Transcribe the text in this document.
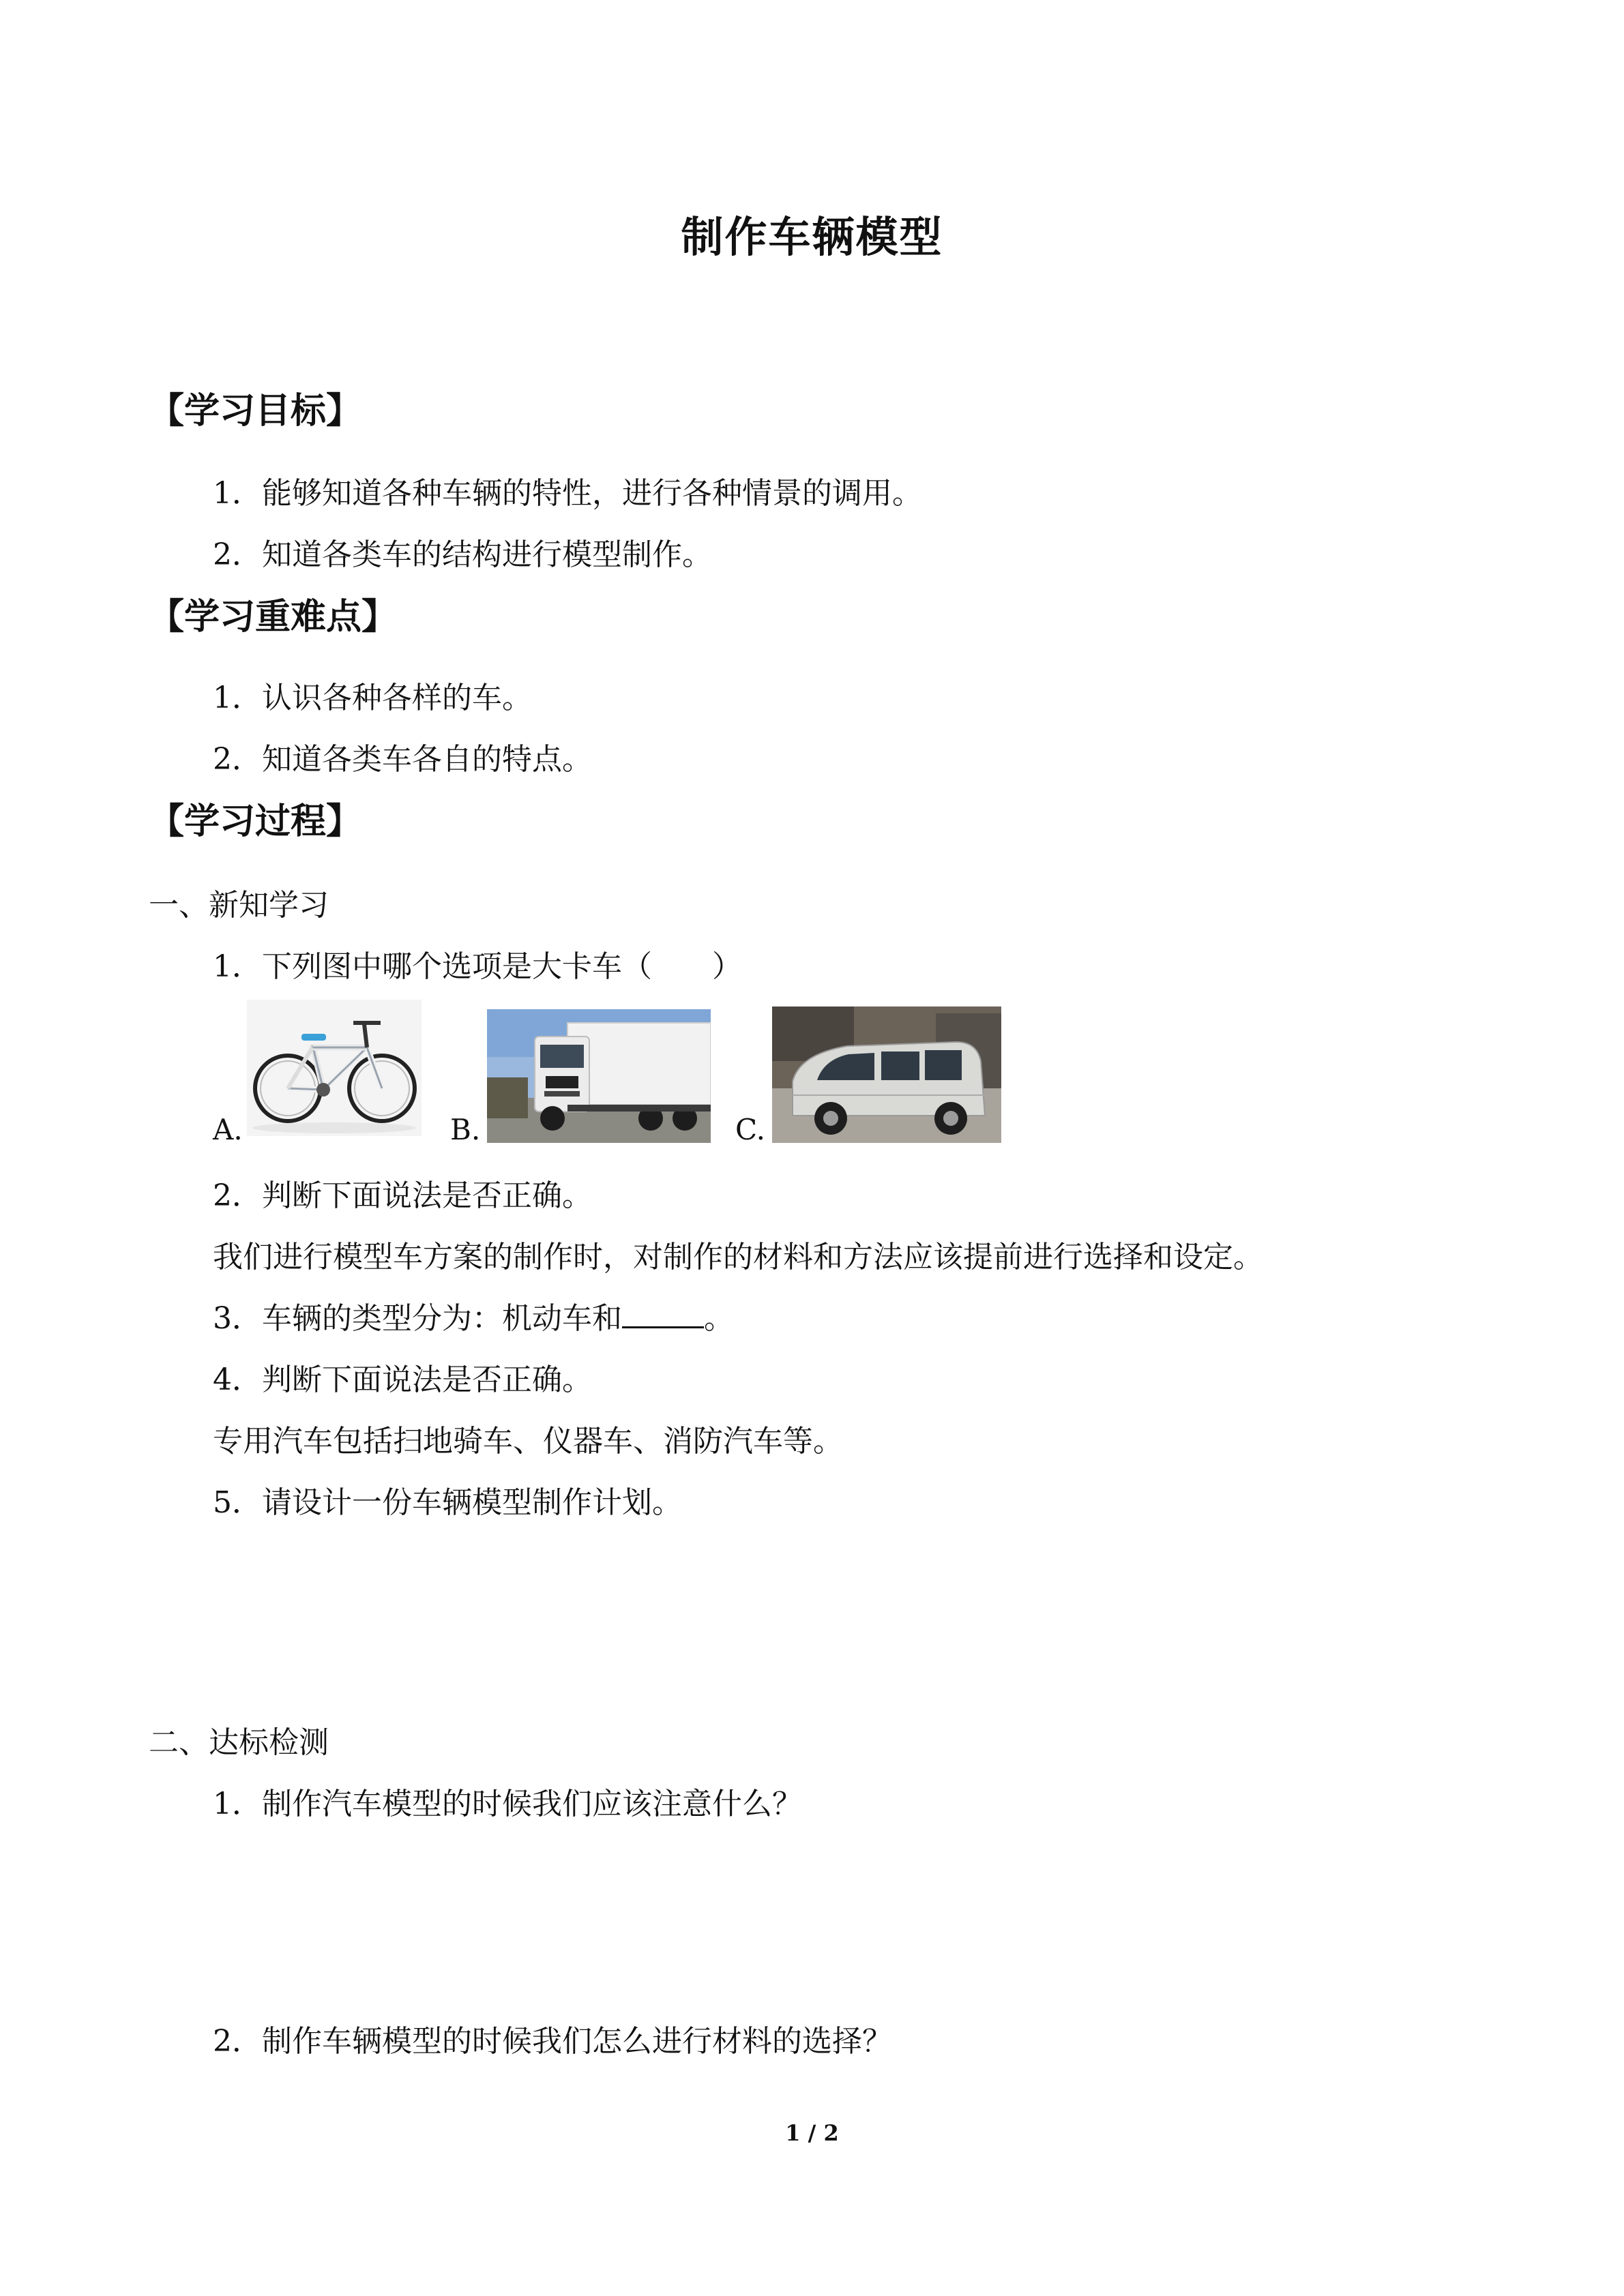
制作车辆模型
【学习目标】
1．能够知道各种车辆的特性，进行各种情景的调用。
2．知道各类车的结构进行模型制作。
【学习重难点】
1．认识各种各样的车。
2．知道各类车各自的特点。
【学习过程】
一、新知学习
1．下列图中哪个选项是大卡车（　　）
A.	B.	C.
2．判断下面说法是否正确。
我们进行模型车方案的制作时，对制作的材料和方法应该提前进行选择和设定。
3．车辆的类型分为：机动车和	。
4．判断下面说法是否正确。
专用汽车包括扫地骑车、仪器车、消防汽车等。
5．请设计一份车辆模型制作计划。
二、达标检测
1．制作汽车模型的时候我们应该注意什么？
2．制作车辆模型的时候我们怎么进行材料的选择？
1 / 2
